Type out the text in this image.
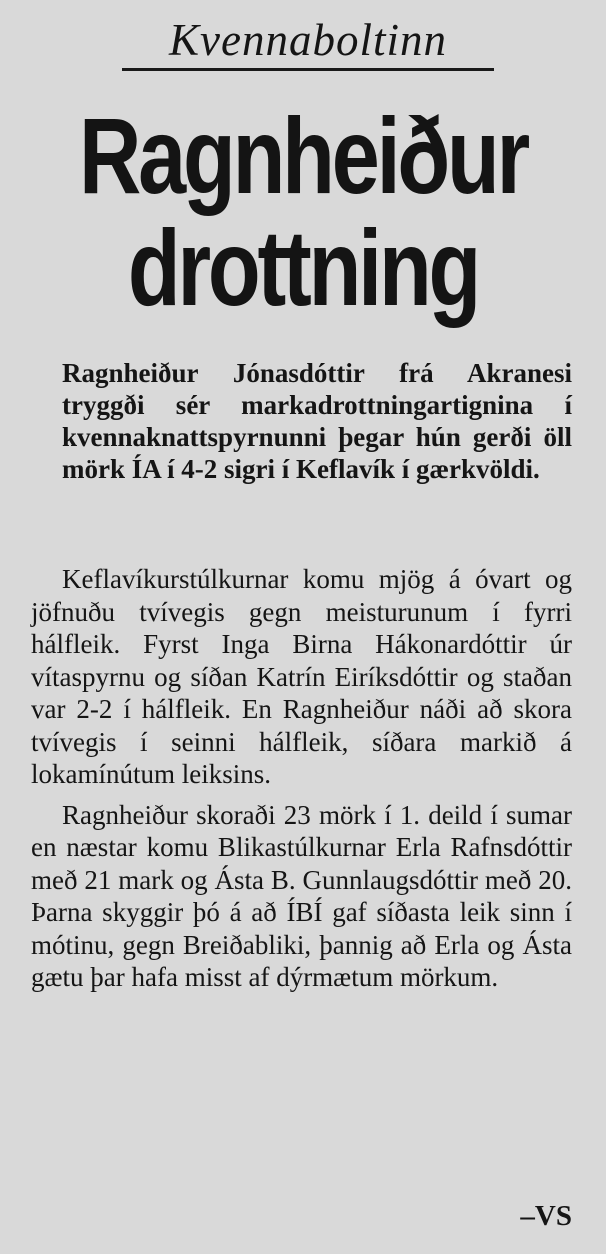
Kvennaboltinn
Ragnheiður
drottning
Ragnheiður Jónasdóttir frá Akranesi tryggði sér markadrottningartignina í kvennaknattspyrnunni þegar hún gerði öll mörk ÍA í 4-2 sigri í Keflavík í gærkvöldi.

Keflavíkurstúlkurnar komu mjög á óvart og jöfnuðu tvívegis gegn meisturunum í fyrri hálfleik. Fyrst Inga Birna Hákonardóttir úr vítaspyrnu og síðan Katrín Eiríksdóttir og staðan var 2-2 í hálfleik. En Ragnheiður náði að skora tvívegis í seinni hálfleik, síðara markið á lokamínútum leiksins.

Ragnheiður skoraði 23 mörk í 1. deild í sumar en næstar komu Blikastúlkurnar Erla Rafnsdóttir með 21 mark og Ásta B. Gunnlaugsdóttir með 20. Þarna skyggir þó á að ÍBÍ gaf síðasta leik sinn í mótinu, gegn Breiðabliki, þannig að Erla og Ásta gætu þar hafa misst af dýrmætum mörkum.

–VS
